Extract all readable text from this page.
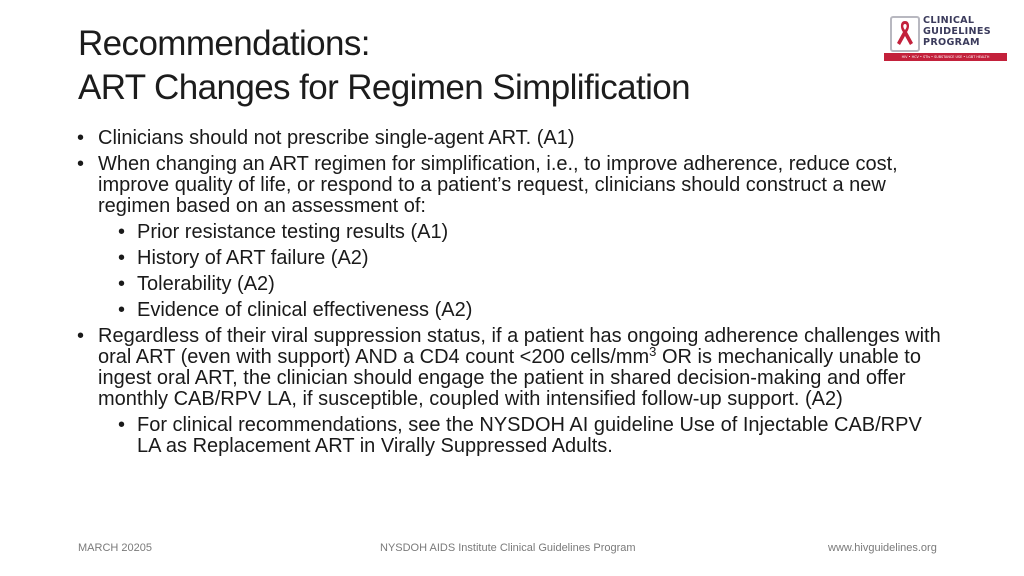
Recommendations:
ART Changes for Regimen Simplification
CLINICAL
GUIDELINES
PROGRAM
HIV • HCV • STIs • SUBSTANCE USE • LGBT HEALTH
• Clinicians should not prescribe single-agent ART. (A1)
• When changing an ART regimen for simplification, i.e., to improve adherence, reduce cost, improve quality of life, or respond to a patient’s request, clinicians should construct a new regimen based on an assessment of:
• Prior resistance testing results (A1)
• History of ART failure (A2)
• Tolerability (A2)
• Evidence of clinical effectiveness (A2)
• Regardless of their viral suppression status, if a patient has ongoing adherence challenges with oral ART (even with support) AND a CD4 count <200 cells/$mm^3$ OR is mechanically unable to ingest oral ART, the clinician should engage the patient in shared decision-making and offer monthly CAB/RPV LA, if susceptible, coupled with intensified follow-up support. (A2)
• For clinical recommendations, see the NYSDOH AI guideline Use of Injectable CAB/RPV LA as Replacement ART in Virally Suppressed Adults.
MARCH 20205	NYSDOH AIDS Institute Clinical Guidelines Program	www.hivguidelines.org
